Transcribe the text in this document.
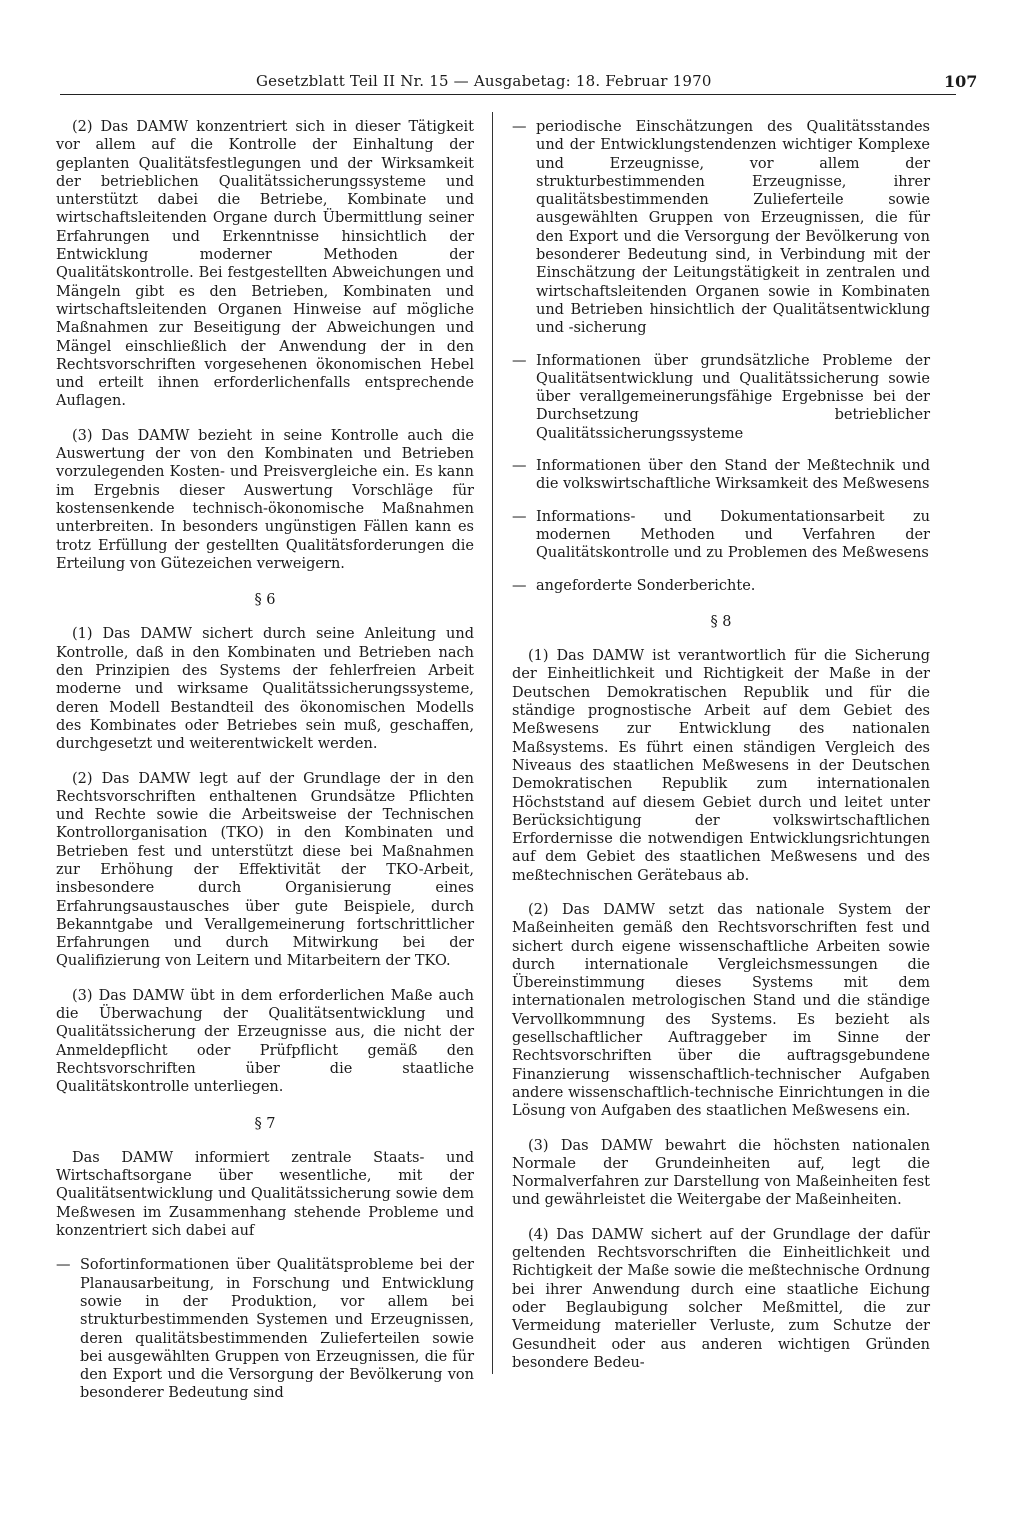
Gesetzblatt Teil II Nr. 15 — Ausgabetag: 18. Februar 1970	107

(2) Das DAMW konzentriert sich in dieser Tätigkeit vor allem auf die Kontrolle der Einhaltung der geplanten Qualitätsfestlegungen und der Wirksamkeit der betrieblichen Qualitätssicherungssysteme und unterstützt dabei die Betriebe, Kombinate und wirtschaftsleitenden Organe durch Übermittlung seiner Erfahrungen und Erkenntnisse hinsichtlich der Entwicklung moderner Methoden der Qualitätskontrolle. Bei festgestellten Abweichungen und Mängeln gibt es den Betrieben, Kombinaten und wirtschaftsleitenden Organen Hinweise auf mögliche Maßnahmen zur Beseitigung der Abweichungen und Mängel einschließlich der Anwendung der in den Rechtsvorschriften vorgesehenen ökonomischen Hebel und erteilt ihnen erforderlichenfalls entsprechende Auflagen.

(3) Das DAMW bezieht in seine Kontrolle auch die Auswertung der von den Kombinaten und Betrieben vorzulegenden Kosten- und Preisvergleiche ein. Es kann im Ergebnis dieser Auswertung Vorschläge für kostensenkende technisch-ökonomische Maßnahmen unterbreiten. In besonders ungünstigen Fällen kann es trotz Erfüllung der gestellten Qualitätsforderungen die Erteilung von Gütezeichen verweigern.

§ 6

(1) Das DAMW sichert durch seine Anleitung und Kontrolle, daß in den Kombinaten und Betrieben nach den Prinzipien des Systems der fehlerfreien Arbeit moderne und wirksame Qualitätssicherungssysteme, deren Modell Bestandteil des ökonomischen Modells des Kombinates oder Betriebes sein muß, geschaffen, durchgesetzt und weiterentwickelt werden.

(2) Das DAMW legt auf der Grundlage der in den Rechtsvorschriften enthaltenen Grundsätze Pflichten und Rechte sowie die Arbeitsweise der Technischen Kontrollorganisation (TKO) in den Kombinaten und Betrieben fest und unterstützt diese bei Maßnahmen zur Erhöhung der Effektivität der TKO-Arbeit, insbesondere durch Organisierung eines Erfahrungsaustausches über gute Beispiele, durch Bekanntgabe und Verallgemeinerung fortschrittlicher Erfahrungen und durch Mitwirkung bei der Qualifizierung von Leitern und Mitarbeitern der TKO.

(3) Das DAMW übt in dem erforderlichen Maße auch die Überwachung der Qualitätsentwicklung und Qualitätssicherung der Erzeugnisse aus, die nicht der Anmeldepflicht oder Prüfpflicht gemäß den Rechtsvorschriften über die staatliche Qualitätskontrolle unterliegen.

§ 7

Das DAMW informiert zentrale Staats- und Wirtschaftsorgane über wesentliche, mit der Qualitätsentwicklung und Qualitätssicherung sowie dem Meßwesen im Zusammenhang stehende Probleme und konzentriert sich dabei auf

— Sofortinformationen über Qualitätsprobleme bei der Planausarbeitung, in Forschung und Entwicklung sowie in der Produktion, vor allem bei strukturbestimmenden Systemen und Erzeugnissen, deren qualitätsbestimmenden Zulieferteilen sowie bei ausgewählten Gruppen von Erzeugnissen, die für den Export und die Versorgung der Bevölkerung von besonderer Bedeutung sind
— periodische Einschätzungen des Qualitätsstandes und der Entwicklungstendenzen wichtiger Komplexe und Erzeugnisse, vor allem der strukturbestimmenden Erzeugnisse, ihrer qualitätsbestimmenden Zulieferteile sowie ausgewählten Gruppen von Erzeugnissen, die für den Export und die Versorgung der Bevölkerung von besonderer Bedeutung sind, in Verbindung mit der Einschätzung der Leitungstätigkeit in zentralen und wirtschaftsleitenden Organen sowie in Kombinaten und Betrieben hinsichtlich der Qualitätsentwicklung und -sicherung
— Informationen über grundsätzliche Probleme der Qualitätsentwicklung und Qualitätssicherung sowie über verallgemeinerungsfähige Ergebnisse bei der Durchsetzung betrieblicher Qualitätssicherungssysteme
— Informationen über den Stand der Meßtechnik und die volkswirtschaftliche Wirksamkeit des Meßwesens
— Informations- und Dokumentationsarbeit zu modernen Methoden und Verfahren der Qualitätskontrolle und zu Problemen des Meßwesens
— angeforderte Sonderberichte.
§ 8

(1) Das DAMW ist verantwortlich für die Sicherung der Einheitlichkeit und Richtigkeit der Maße in der Deutschen Demokratischen Republik und für die ständige prognostische Arbeit auf dem Gebiet des Meßwesens zur Entwicklung des nationalen Maßsystems. Es führt einen ständigen Vergleich des Niveaus des staatlichen Meßwesens in der Deutschen Demokratischen Republik zum internationalen Höchststand auf diesem Gebiet durch und leitet unter Berücksichtigung der volkswirtschaftlichen Erfordernisse die notwendigen Entwicklungsrichtungen auf dem Gebiet des staatlichen Meßwesens und des meßtechnischen Gerätebaus ab.

(2) Das DAMW setzt das nationale System der Maßeinheiten gemäß den Rechtsvorschriften fest und sichert durch eigene wissenschaftliche Arbeiten sowie durch internationale Vergleichsmessungen die Übereinstimmung dieses Systems mit dem internationalen metrologischen Stand und die ständige Vervollkommnung des Systems. Es bezieht als gesellschaftlicher Auftraggeber im Sinne der Rechtsvorschriften über die auftragsgebundene Finanzierung wissenschaftlich-technischer Aufgaben andere wissenschaftlich-technische Einrichtungen in die Lösung von Aufgaben des staatlichen Meßwesens ein.

(3) Das DAMW bewahrt die höchsten nationalen Normale der Grundeinheiten auf, legt die Normalverfahren zur Darstellung von Maßeinheiten fest und gewährleistet die Weitergabe der Maßeinheiten.

(4) Das DAMW sichert auf der Grundlage der dafür geltenden Rechtsvorschriften die Einheitlichkeit und Richtigkeit der Maße sowie die meßtechnische Ordnung bei ihrer Anwendung durch eine staatliche Eichung oder Beglaubigung solcher Meßmittel, die zur Vermeidung materieller Verluste, zum Schutze der Gesundheit oder aus anderen wichtigen Gründen besondere Bedeu-
